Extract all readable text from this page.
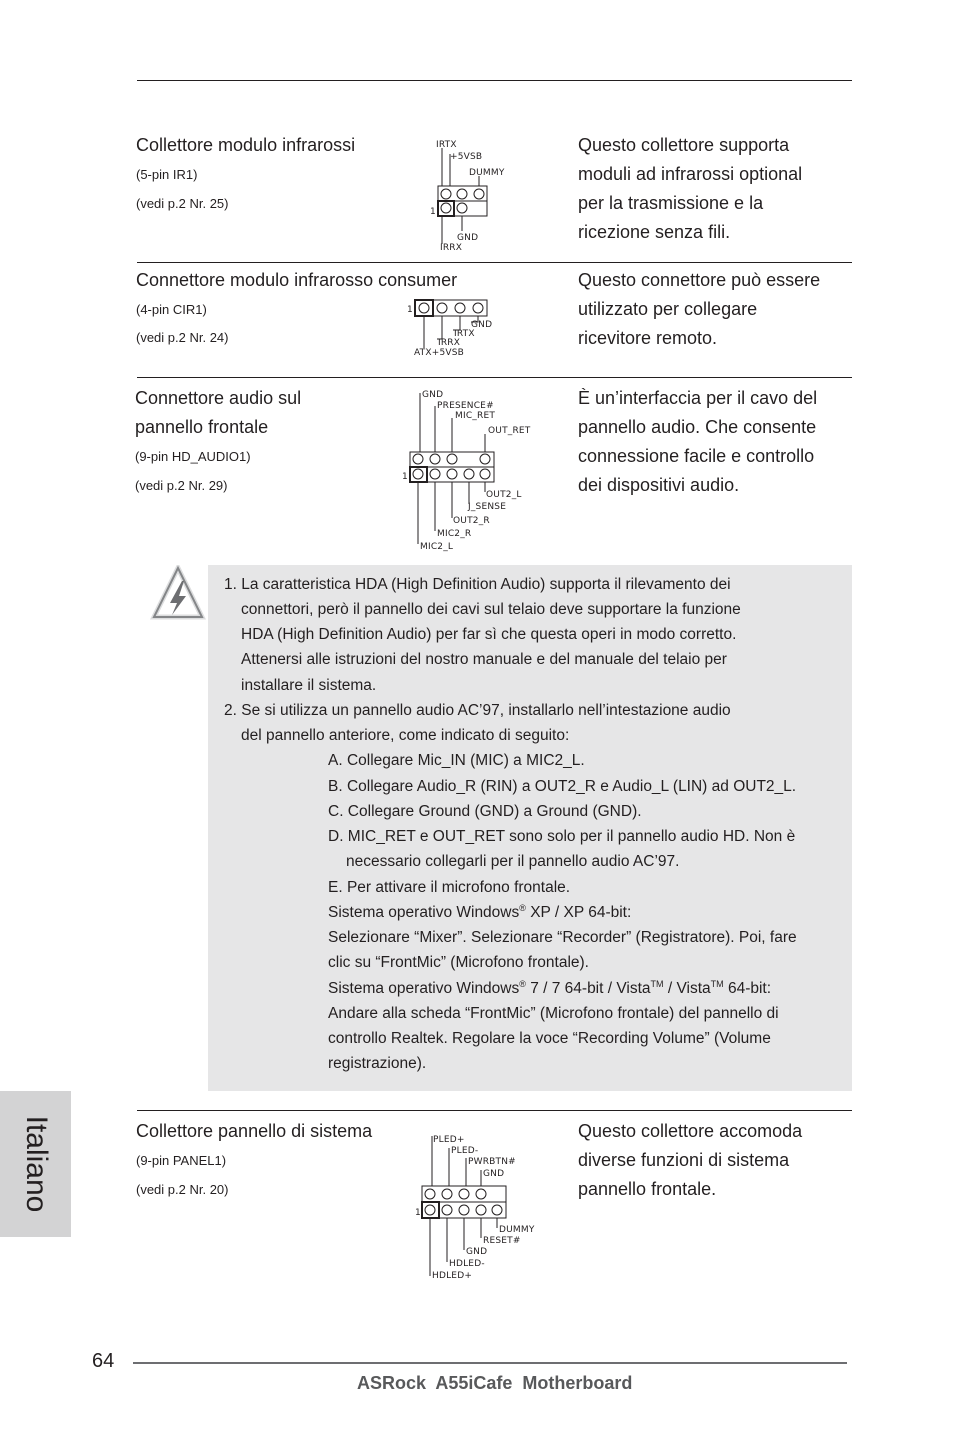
Collettore modulo infrarossi
(5-pin IR1)
(vedi p.2 Nr. 25)
Questo collettore supporta
moduli ad infrarossi optional
per la trasmissione e la
ricezione senza fili.
IRTX
+5VSB
DUMMY
1
GND
IRRX
Connettore modulo infrarosso consumer
(4-pin CIR1)
(vedi p.2 Nr. 24)
Questo connettore può essere
utilizzato per collegare
ricevitore remoto.
1
GND
IRTX
IRRX
ATX+5VSB
Connettore audio sul
pannello frontale
(9-pin HD_AUDIO1)
(vedi p.2 Nr. 29)
È un’interfaccia per il cavo del
pannello audio. Che consente
connessione facile e controllo
dei dispositivi audio.
GND
PRESENCE#
MIC_RET
OUT_RET
1
OUT2_L
J_SENSE
OUT2_R
MIC2_R
MIC2_L
1. La caratteristica HDA (High Definition Audio) supporta il rilevamento dei
connettori, però il pannello dei cavi sul telaio deve supportare la funzione
HDA (High Definition Audio) per far sì che questa operi in modo corretto.
Attenersi alle istruzioni del nostro manuale e del manuale del telaio per
installare il sistema.
2. Se si utilizza un pannello audio AC’97, installarlo nell’intestazione audio
del pannello anteriore, come indicato di seguito:
A. Collegare Mic_IN (MIC) a MIC2_L.
B. Collegare Audio_R (RIN) a OUT2_R e Audio_L (LIN) ad OUT2_L.
C. Collegare Ground (GND) a Ground (GND).
D. MIC_RET e OUT_RET sono solo per il pannello audio HD. Non è
necessario collegarli per il pannello audio AC’97.
E. Per attivare il microfono frontale.
Sistema operativo Windows® XP / XP 64-bit:
Selezionare “Mixer”. Selezionare “Recorder” (Registratore). Poi, fare
clic su “FrontMic” (Microfono frontale).
Sistema operativo Windows® 7 / 7 64-bit / Vista™ / Vista™ 64-bit:
Andare alla scheda “FrontMic” (Microfono frontale) del pannello di
controllo Realtek. Regolare la voce “Recording Volume” (Volume
registrazione).
Collettore pannello di sistema
(9-pin PANEL1)
(vedi p.2 Nr. 20)
Questo collettore accomoda
diverse funzioni di sistema
pannello frontale.
PLED+
PLED-
PWRBTN#
GND
1
DUMMY
RESET#
GND
HDLED-
HDLED+
Italiano
64
ASRock  A55iCafe  Motherboard
